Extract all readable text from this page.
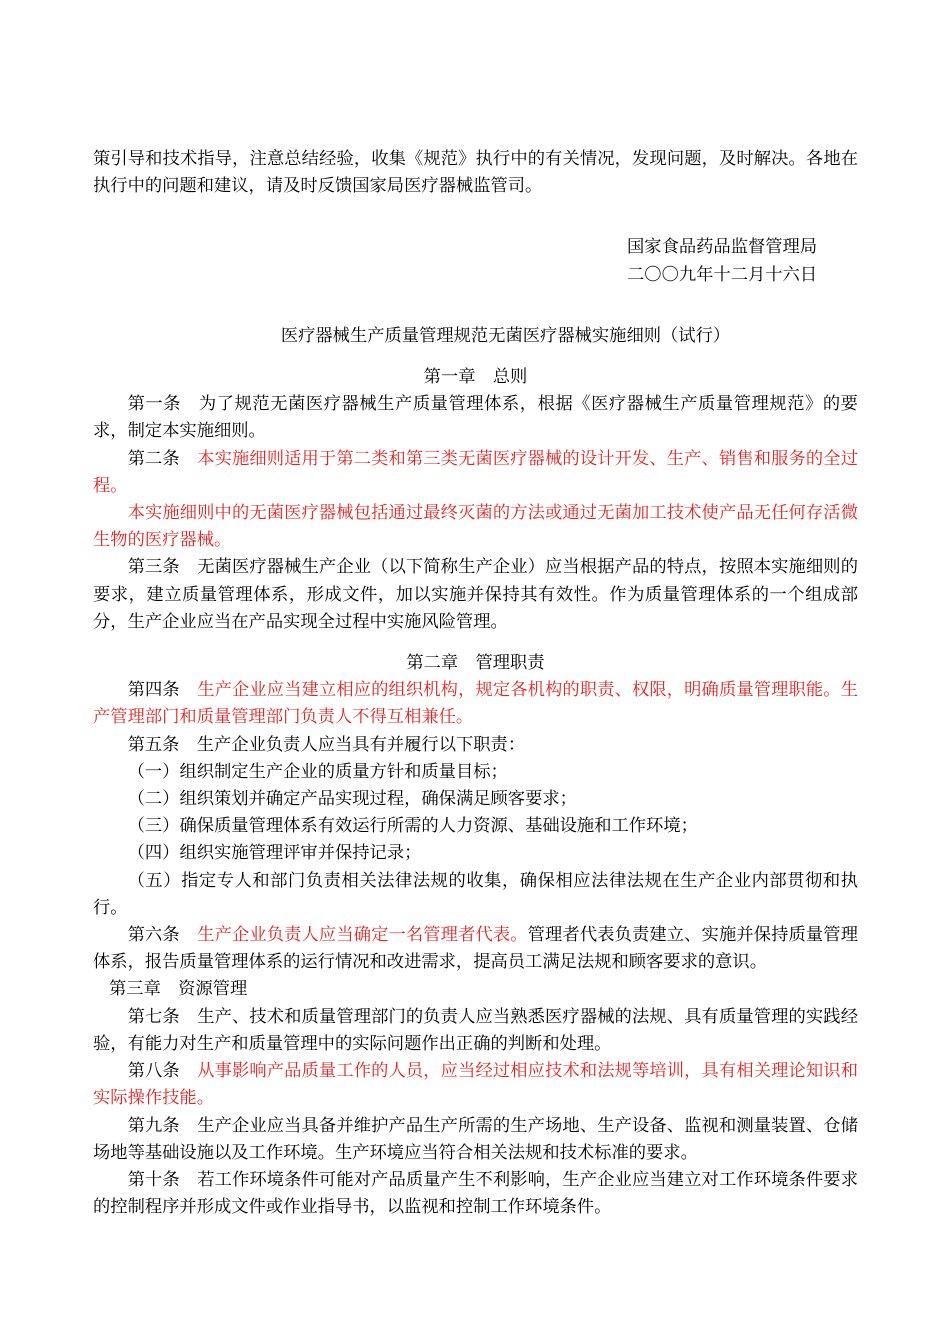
策引导和技术指导，注意总结经验，收集《规范》执行中的有关情况，发现问题，及时解决。各地在执行中的问题和建议，请及时反馈国家局医疗器械监管司。

国家食品药品监督管理局

二〇〇九年十二月十六日

医疗器械生产质量管理规范无菌医疗器械实施细则（试行）

第一章　总则

第一条　 为了规范无菌医疗器械生产质量管理体系，根据《医疗器械生产质量管理规范》的要求，制定本实施细则。

第二条　 本实施细则适用于第二类和第三类无菌医疗器械的设计开发、生产、销售和服务的全过程。

本实施细则中的无菌医疗器械包括通过最终灭菌的方法或通过无菌加工技术使产品无任何存活微生物的医疗器械。

第三条　 无菌医疗器械生产企业（以下简称生产企业）应当根据产品的特点，按照本实施细则的要求，建立质量管理体系，形成文件，加以实施并保持其有效性。作为质量管理体系的一个组成部分，生产企业应当在产品实现全过程中实施风险管理。

第二章　管理职责

第四条　 生产企业应当建立相应的组织机构，规定各机构的职责、权限，明确质量管理职能。生产管理部门和质量管理部门负责人不得互相兼任。

第五条　 生产企业负责人应当具有并履行以下职责：

（一）组织制定生产企业的质量方针和质量目标；

（二）组织策划并确定产品实现过程，确保满足顾客要求；

（三）确保质量管理体系有效运行所需的人力资源、基础设施和工作环境；

（四）组织实施管理评审并保持记录；

（五）指定专人和部门负责相关法律法规的收集，确保相应法律法规在生产企业内部贯彻和执行。

第六条　 生产企业负责人应当确定一名管理者代表。管理者代表负责建立、实施并保持质量管理体系，报告质量管理体系的运行情况和改进需求，提高员工满足法规和顾客要求的意识。

第三章　资源管理

第七条　 生产、技术和质量管理部门的负责人应当熟悉医疗器械的法规、具有质量管理的实践经验，有能力对生产和质量管理中的实际问题作出正确的判断和处理。

第八条　 从事影响产品质量工作的人员，应当经过相应技术和法规等培训，具有相关理论知识和实际操作技能。

第九条　 生产企业应当具备并维护产品生产所需的生产场地、生产设备、监视和测量装置、仓储场地等基础设施以及工作环境。生产环境应当符合相关法规和技术标准的要求。

第十条　 若工作环境条件可能对产品质量产生不利影响，生产企业应当建立对工作环境条件要求的控制程序并形成文件或作业指导书，以监视和控制工作环境条件。
